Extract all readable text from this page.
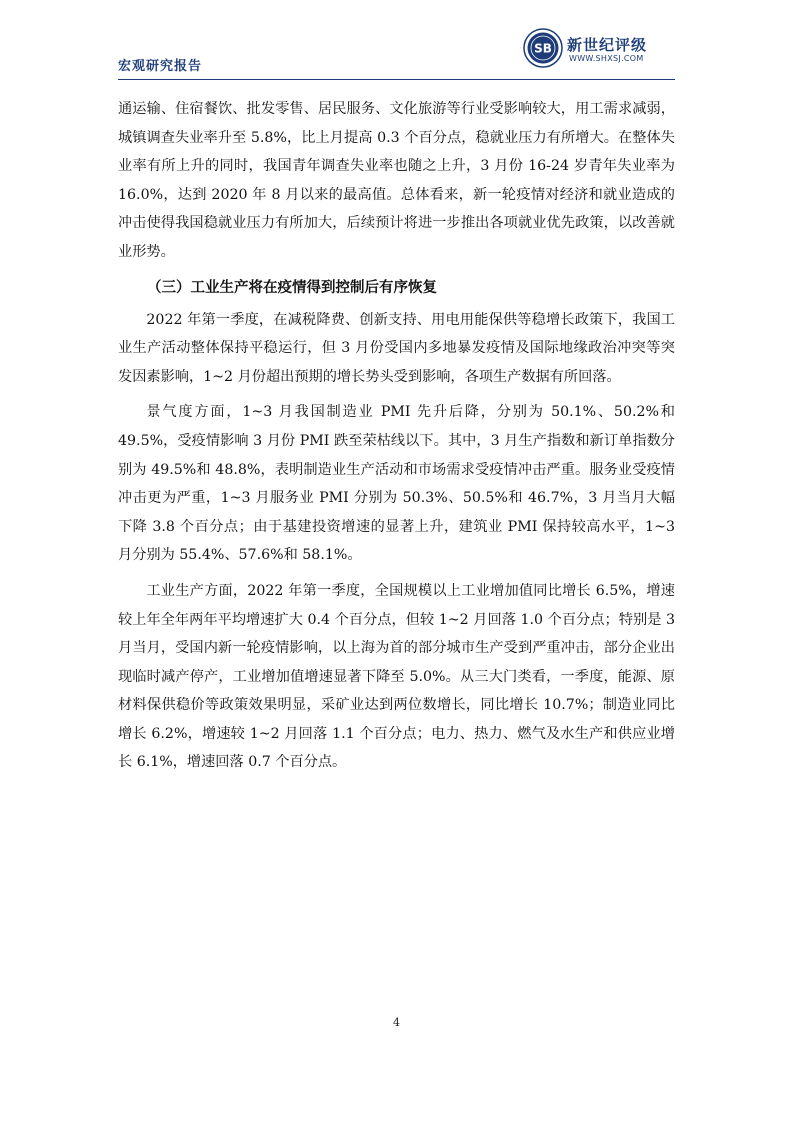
宏观研究报告
SB 新世纪评级
WWW.SHXSJ.COM

通运输、住宿餐饮、批发零售、居民服务、文化旅游等行业受影响较大，用工需求减弱，城镇调查失业率升至 5.8%，比上月提高 0.3 个百分点，稳就业压力有所增大。在整体失业率有所上升的同时，我国青年调查失业率也随之上升，3 月份 16-24 岁青年失业率为 16.0%，达到 2020 年 8 月以来的最高值。总体看来，新一轮疫情对经济和就业造成的冲击使得我国稳就业压力有所加大，后续预计将进一步推出各项就业优先政策，以改善就业形势。

（三）工业生产将在疫情得到控制后有序恢复

2022 年第一季度，在减税降费、创新支持、用电用能保供等稳增长政策下，我国工业生产活动整体保持平稳运行，但 3 月份受国内多地暴发疫情及国际地缘政治冲突等突发因素影响，1~2 月份超出预期的增长势头受到影响，各项生产数据有所回落。

景气度方面，1~3 月我国制造业 PMI 先升后降，分别为 50.1%、50.2%和 49.5%，受疫情影响 3 月份 PMI 跌至荣枯线以下。其中，3 月生产指数和新订单指数分别为 49.5%和 48.8%，表明制造业生产活动和市场需求受疫情冲击严重。服务业受疫情冲击更为严重，1~3 月服务业 PMI 分别为 50.3%、50.5%和 46.7%，3 月当月大幅下降 3.8 个百分点；由于基建投资增速的显著上升，建筑业 PMI 保持较高水平，1~3 月分别为 55.4%、57.6%和 58.1%。

工业生产方面，2022 年第一季度，全国规模以上工业增加值同比增长 6.5%，增速较上年全年两年平均增速扩大 0.4 个百分点，但较 1~2 月回落 1.0 个百分点；特别是 3 月当月，受国内新一轮疫情影响，以上海为首的部分城市生产受到严重冲击，部分企业出现临时减产停产，工业增加值增速显著下降至 5.0%。从三大门类看，一季度，能源、原材料保供稳价等政策效果明显，采矿业达到两位数增长，同比增长 10.7%；制造业同比增长 6.2%，增速较 1~2 月回落 1.1 个百分点；电力、热力、燃气及水生产和供应业增长 6.1%，增速回落 0.7 个百分点。

4
